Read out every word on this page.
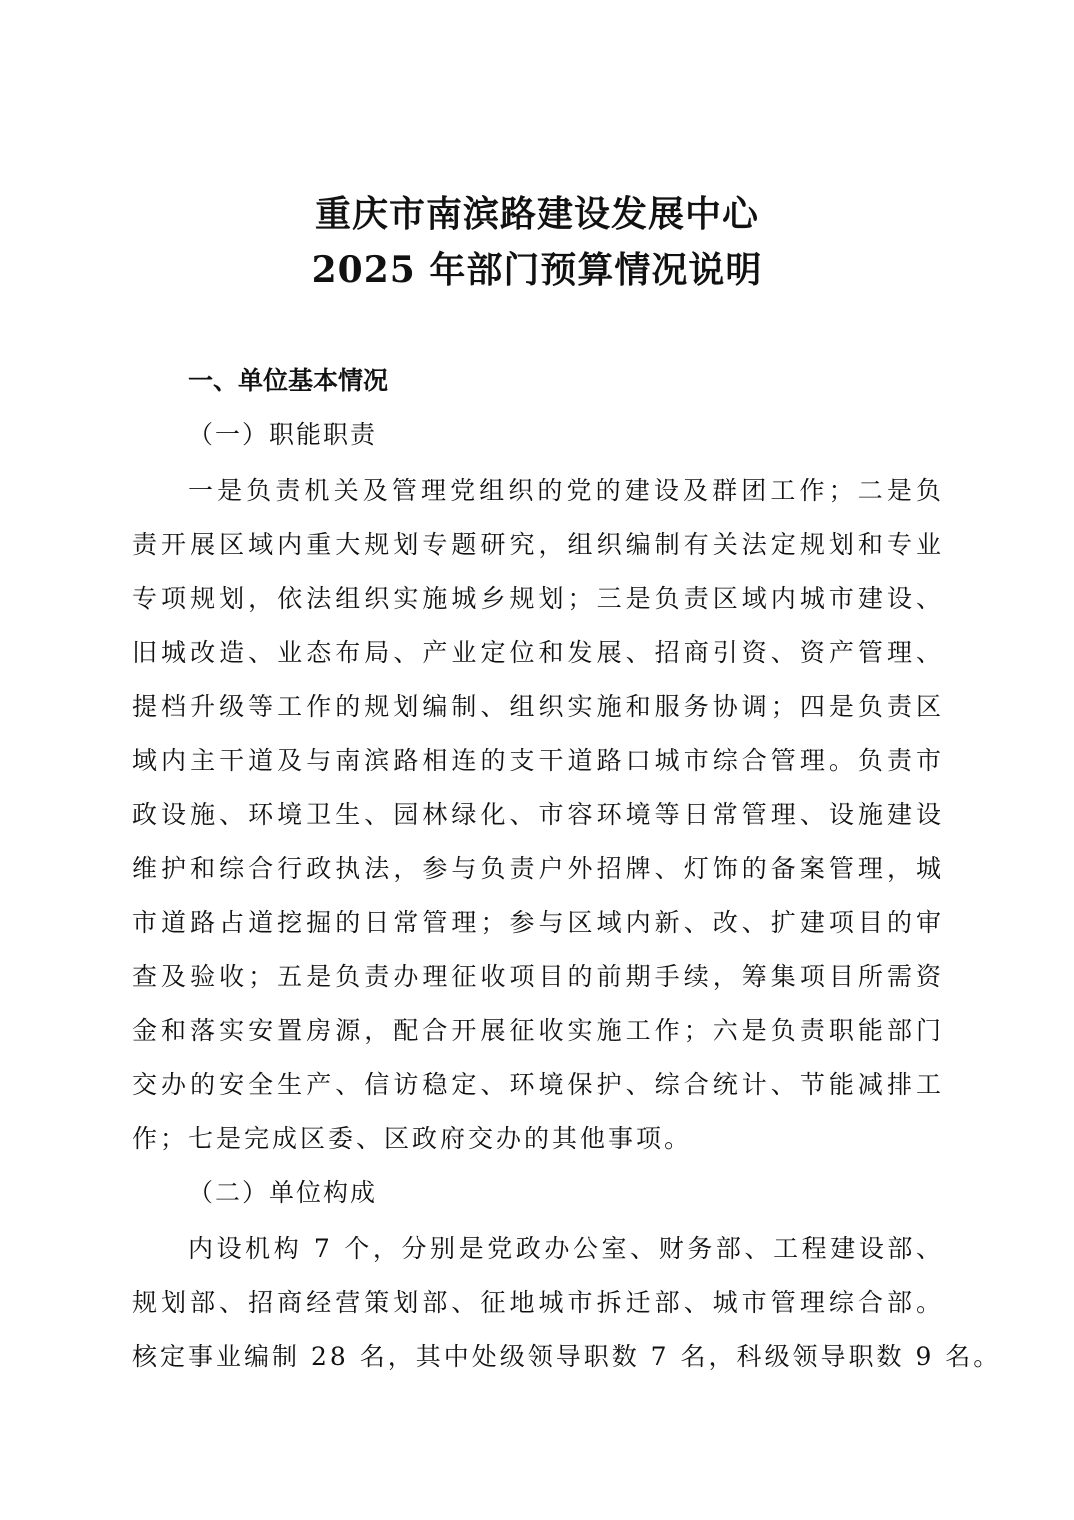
重庆市南滨路建设发展中心
2025 年部门预算情况说明
一、单位基本情况
（一）职能职责
一是负责机关及管理党组织的党的建设及群团工作；二是负
责开展区域内重大规划专题研究，组织编制有关法定规划和专业
专项规划，依法组织实施城乡规划；三是负责区域内城市建设、
旧城改造、业态布局、产业定位和发展、招商引资、资产管理、
提档升级等工作的规划编制、组织实施和服务协调；四是负责区
域内主干道及与南滨路相连的支干道路口城市综合管理。负责市
政设施、环境卫生、园林绿化、市容环境等日常管理、设施建设
维护和综合行政执法，参与负责户外招牌、灯饰的备案管理，城
市道路占道挖掘的日常管理；参与区域内新、改、扩建项目的审
查及验收；五是负责办理征收项目的前期手续，筹集项目所需资
金和落实安置房源，配合开展征收实施工作；六是负责职能部门
交办的安全生产、信访稳定、环境保护、综合统计、节能减排工
作；七是完成区委、区政府交办的其他事项。
（二）单位构成
内设机构 7 个，分别是党政办公室、财务部、工程建设部、
规划部、招商经营策划部、征地城市拆迁部、城市管理综合部。
核定事业编制 28 名，其中处级领导职数 7 名，科级领导职数 9 名。
